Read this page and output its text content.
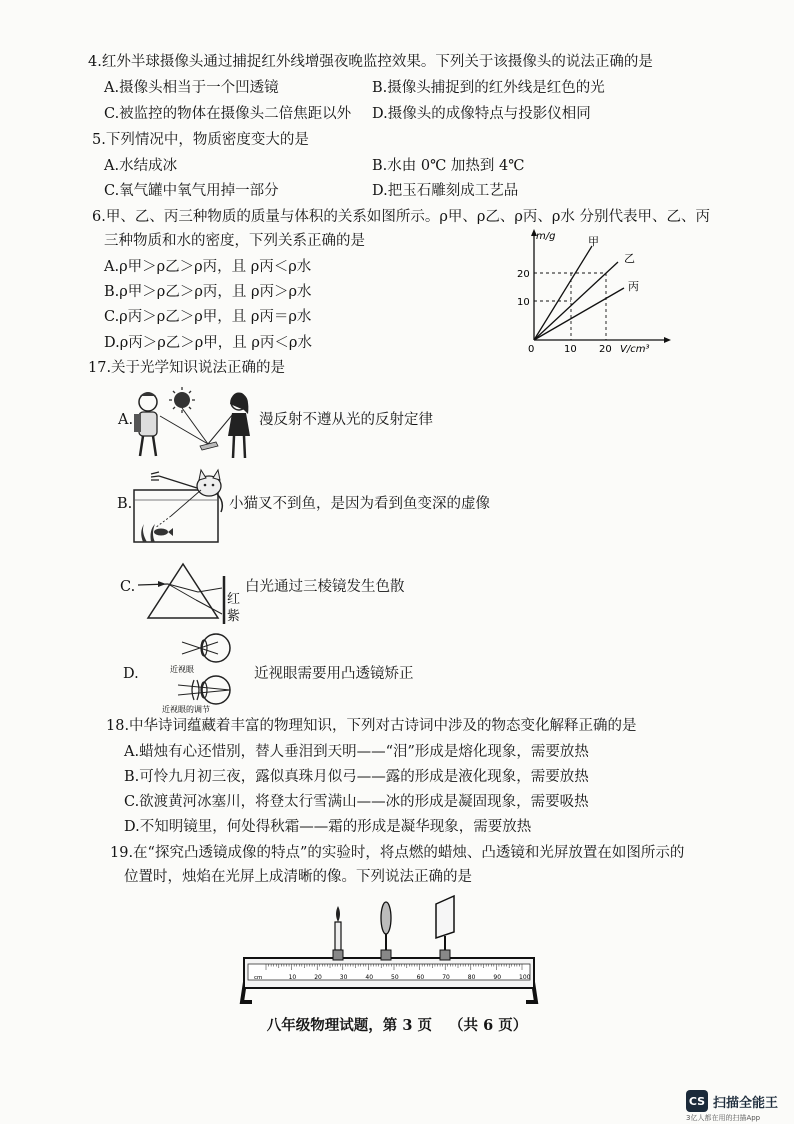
4.红外半球摄像头通过捕捉红外线增强夜晚监控效果。下列关于该摄像头的说法正确的是
A.摄像头相当于一个凹透镜	B.摄像头捕捉到的红外线是红色的光
C.被监控的物体在摄像头二倍焦距以外 D.摄像头的成像特点与投影仪相同
5.下列情况中，物质密度变大的是
A.水结成冰	B.水由 0℃ 加热到 4℃
C.氧气罐中氧气用掉一部分	D.把玉石雕刻成工艺品
6.甲、乙、丙三种物质的质量与体积的关系如图所示。ρ甲、ρ乙、ρ丙、ρ水 分别代表甲、乙、丙
三种物质和水的密度，下列关系正确的是
A.ρ甲＞ρ乙＞ρ丙，且 ρ丙＜ρ水
B.ρ甲＞ρ乙＞ρ丙，且 ρ丙＞ρ水
C.ρ丙＞ρ乙＞ρ甲，且 ρ丙＝ρ水
D.ρ丙＞ρ乙＞ρ甲，且 ρ丙＜ρ水
m/g
V/cm³
0	10 20
10
20
甲
乙
丙
17.关于光学知识说法正确的是
A.	漫反射不遵从光的反射定律
B.	小猫叉不到鱼，是因为看到鱼变深的虚像
C.	白光通过三棱镜发生色散
红
紫
D.	近视眼
近视眼的调节
近视眼需要用凸透镜矫正
18.中华诗词蕴藏着丰富的物理知识，下列对古诗词中涉及的物态变化解释正确的是
A.蜡烛有心还惜别，替人垂泪到天明——“泪”形成是熔化现象，需要放热
B.可怜九月初三夜，露似真珠月似弓——露的形成是液化现象，需要放热
C.欲渡黄河冰塞川，将登太行雪满山——冰的形成是凝固现象，需要吸热
D.不知明镜里，何处得秋霜——霜的形成是凝华现象，需要放热
19.在“探究凸透镜成像的特点”的实验时，将点燃的蜡烛、凸透镜和光屏放置在如图所示的
位置时，烛焰在光屏上成清晰的像。下列说法正确的是
10	20	30	40	50	60	70	80	90	100
cm
八年级物理试题，第 3 页 （共 6 页）
CS 扫描全能王
3亿人都在用的扫描App
